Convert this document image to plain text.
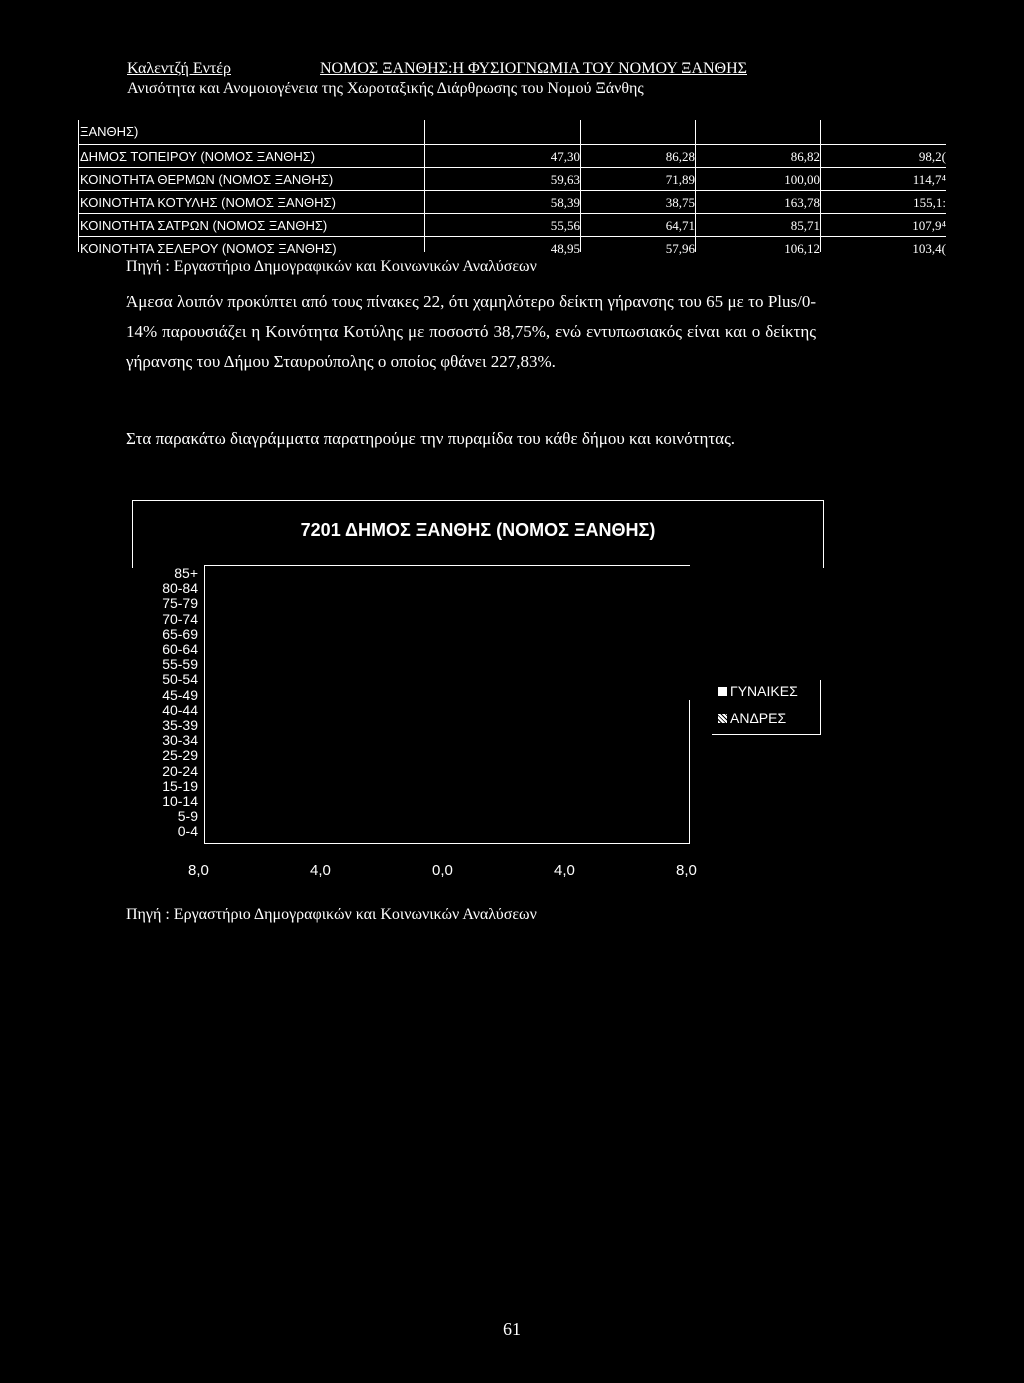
Καλεντζή Εντέρ	ΝΟΜΟΣ ΞΑΝΘΗΣ:Η ΦΥΣΙΟΓΝΩΜΙΑ ΤΟΥ ΝΟΜΟΥ ΞΑΝΘΗΣ
Ανισότητα και Ανομοιογένεια της Χωροταξικής Διάρθρωσης του Νομού Ξάνθης
ΞΑΝΘΗΣ)
ΔΗΜΟΣ ΤΟΠΕΙΡΟΥ (ΝΟΜΟΣ ΞΑΝΘΗΣ)	47,30	86,28	86,82	98,2(
ΚΟΙΝΟΤΗΤΑ ΘΕΡΜΩΝ (ΝΟΜΟΣ ΞΑΝΘΗΣ)	59,63	71,89	100,00	114,7⁴
ΚΟΙΝΟΤΗΤΑ ΚΟΤΥΛΗΣ (ΝΟΜΟΣ ΞΑΝΘΗΣ)	58,39	38,75	163,78	155,1:
ΚΟΙΝΟΤΗΤΑ ΣΑΤΡΩΝ (ΝΟΜΟΣ ΞΑΝΘΗΣ)	55,56	64,71	85,71	107,9⁴
ΚΟΙΝΟΤΗΤΑ ΣΕΛΕΡΟΥ (ΝΟΜΟΣ ΞΑΝΘΗΣ)	48,95	57,96	106,12	103,4(
Πηγή : Εργαστήριο Δημογραφικών και Κοινωνικών Αναλύσεων

Άμεσα λοιπόν προκύπτει από τους πίνακες 22, ότι χαμηλότερο δείκτη γήρανσης του 65 με το Plus/0-14% παρουσιάζει η Κοινότητα Κοτύλης με ποσοστό 38,75%, ενώ εντυπωσιακός είναι και ο δείκτης γήρανσης του Δήμου Σταυρούπολης ο οποίος φθάνει 227,83%.

Στα παρακάτω διαγράμματα παρατηρούμε την πυραμίδα του κάθε δήμου και κοινότητας.

7201 ΔΗΜΟΣ ΞΑΝΘΗΣ (ΝΟΜΟΣ ΞΑΝΘΗΣ)
85+
80-84
75-79
70-74
65-69
60-64
55-59
50-54
45-49
40-44
35-39
30-34
25-29
20-24
15-19
10-14
5-9
0-4
8,0	4,0	0,0	4,0	8,0
ΓΥΝΑΙΚΕΣ
ΑΝΔΡΕΣ
Πηγή : Εργαστήριο Δημογραφικών και Κοινωνικών Αναλύσεων
61
